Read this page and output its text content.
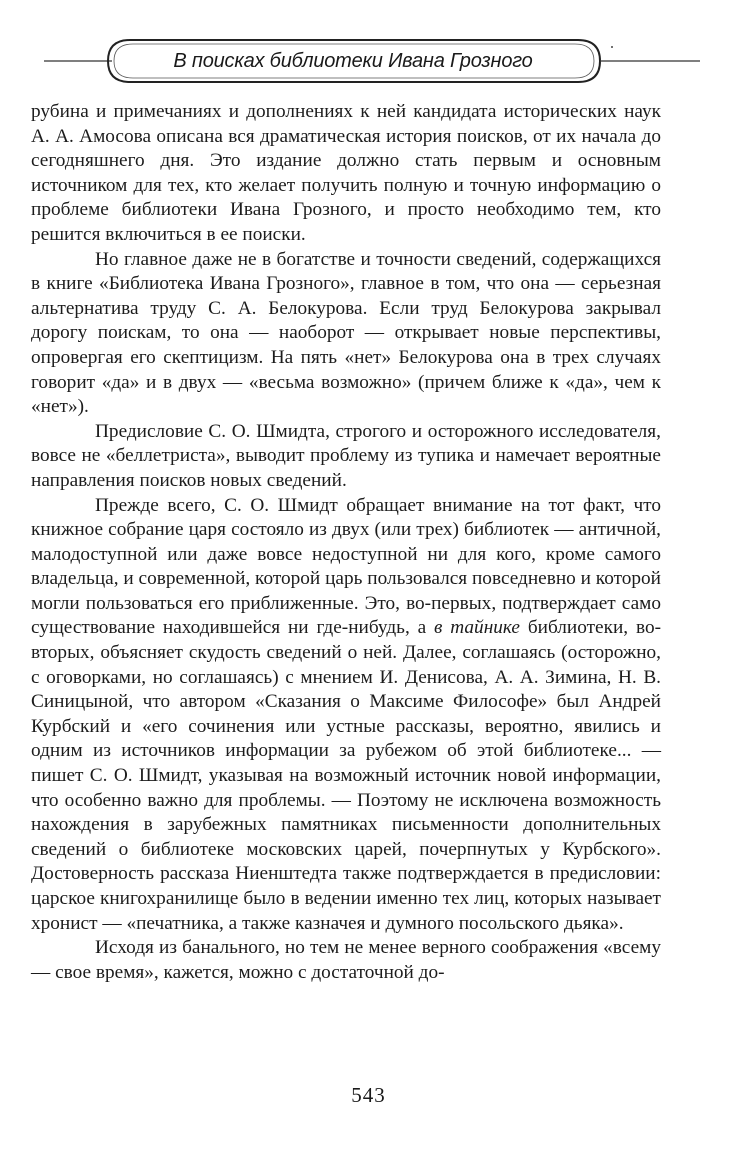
В поисках библиотеки Ивана Грозного

рубина и примечаниях и дополнениях к ней кандидата исторических наук А. А. Амосова описана вся драматическая история поисков, от их начала до сегодняшнего дня. Это издание должно стать первым и основным источником для тех, кто желает получить полную и точную информацию о проблеме библиотеки Ивана Грозного, и просто необходимо тем, кто решится включиться в ее поиски.

Но главное даже не в богатстве и точности сведений, содержащихся в книге «Библиотека Ивана Грозного», главное в том, что она — серьезная альтернатива труду С. А. Белокурова. Если труд Белокурова закрывал дорогу поискам, то она — наоборот — открывает новые перспективы, опровергая его скептицизм. На пять «нет» Белокурова она в трех случаях говорит «да» и в двух — «весьма возможно» (причем ближе к «да», чем к «нет»).

Предисловие С. О. Шмидта, строгого и осторожного исследователя, вовсе не «беллетриста», выводит проблему из тупика и намечает вероятные направления поисков новых сведений.

Прежде всего, С. О. Шмидт обращает внимание на тот факт, что книжное собрание царя состояло из двух (или трех) библиотек — античной, малодоступной или даже вовсе недоступной ни для кого, кроме самого владельца, и современной, которой царь пользовался повседневно и которой могли пользоваться его приближенные. Это, во-первых, подтверждает само существование находившейся ни где-нибудь, а в тайнике библиотеки, во-вторых, объясняет скудость сведений о ней. Далее, соглашаясь (осторожно, с оговорками, но соглашаясь) с мнением И. Денисова, А. А. Зимина, Н. В. Синицыной, что автором «Сказания о Максиме Философе» был Андрей Курбский и «его сочинения или устные рассказы, вероятно, явились и одним из источников информации за рубежом об этой библиотеке... — пишет С. О. Шмидт, указывая на возможный источник новой информации, что особенно важно для проблемы. — Поэтому не исключена возможность нахождения в зарубежных памятниках письменности дополнительных сведений о библиотеке московских царей, почерпнутых у Курбского». Достоверность рассказа Ниенштедта также подтверждается в предисловии: царское книгохранилище было в ведении именно тех лиц, которых называет хронист — «печатника, а также казначея и думного посольского дьяка».

Исходя из банального, но тем не менее верного соображения «всему — свое время», кажется, можно с достаточной до-

543
